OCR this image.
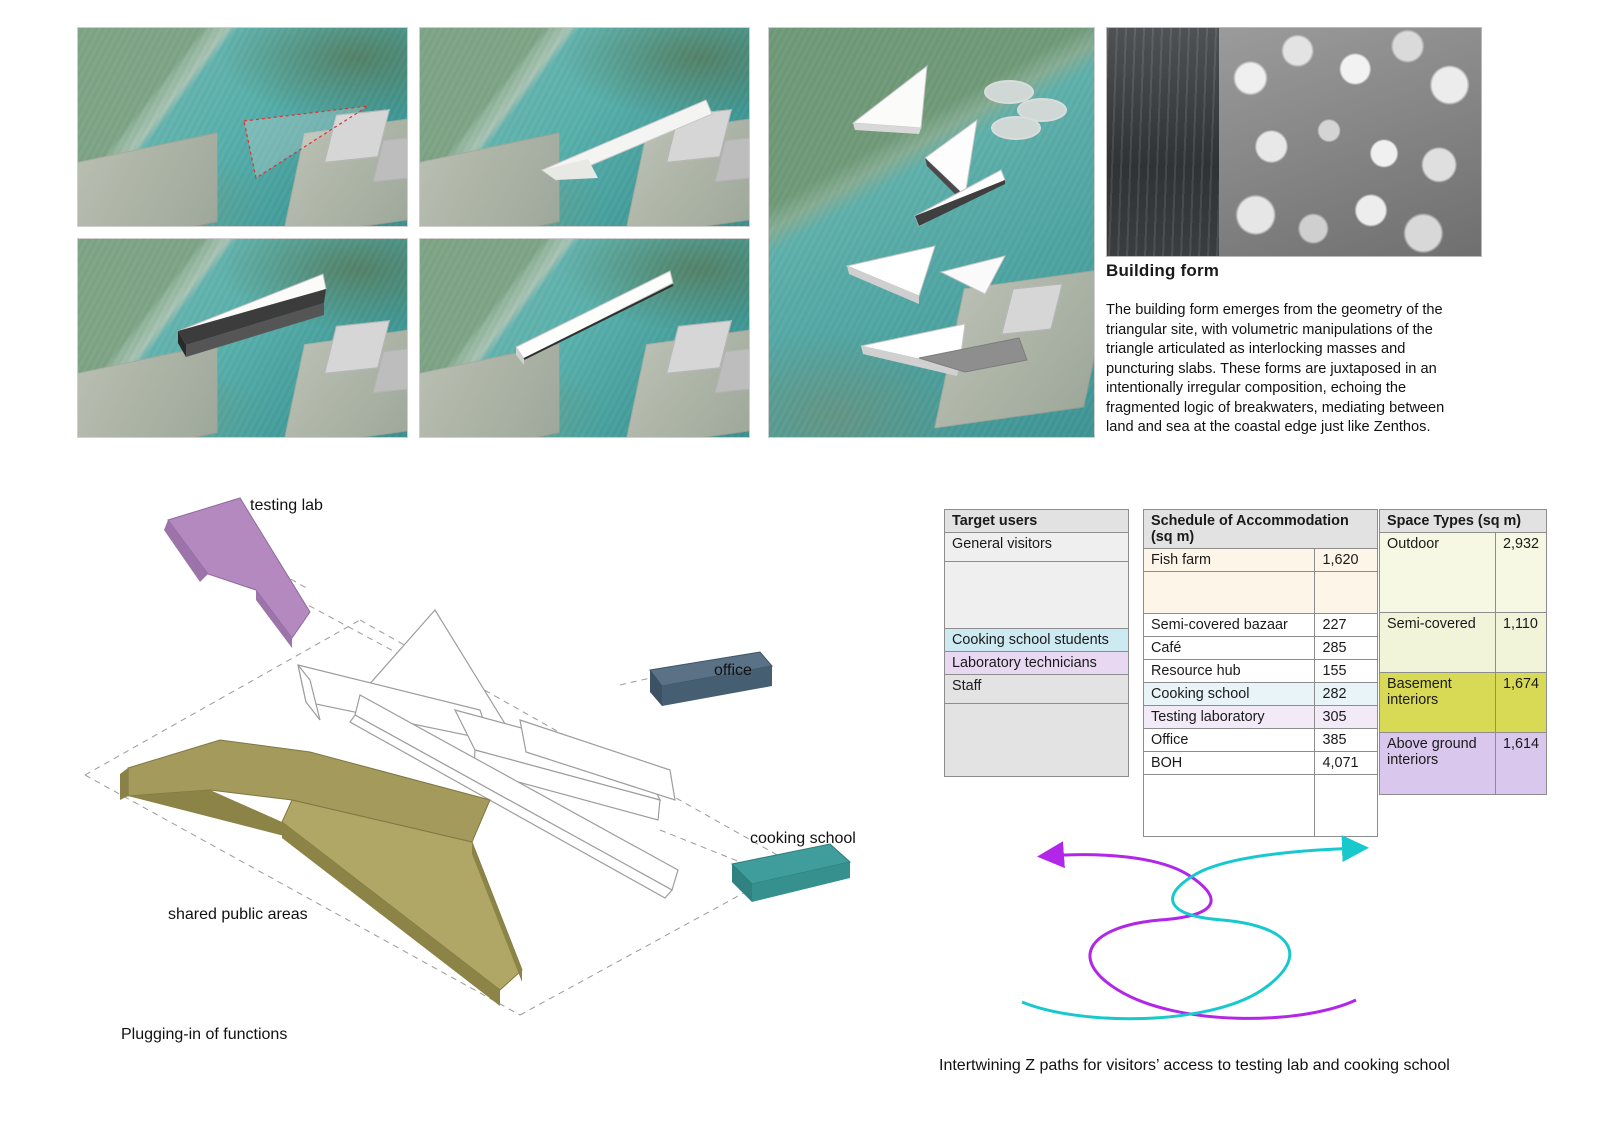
Building form
The building form emerges from the geometry of the triangular site, with volumetric manipulations of the triangle articulated as interlocking masses and puncturing slabs. These forms are juxtaposed in an intentionally irregular composition, echoing the fragmented logic of breakwaters, mediating between land and sea at the coastal edge just like Zenthos.
Target users
General visitors

Cooking school students
Laboratory technicians
Staff

Schedule of Accommodation (sq m)	
Fish farm	1,620

Semi-covered bazaar	227
Café	285
Resource hub	155
Cooking school	282
Testing laboratory	305
Office	385
BOH	4,071

Space Types (sq m)	
Outdoor	2,932
Semi-covered	1,110
Basement interiors	1,674
Above ground interiors	1,614
testing lab
office
cooking school
shared public areas
Plugging-in of functions
Intertwining Z paths for visitors’ access to testing lab and cooking school
